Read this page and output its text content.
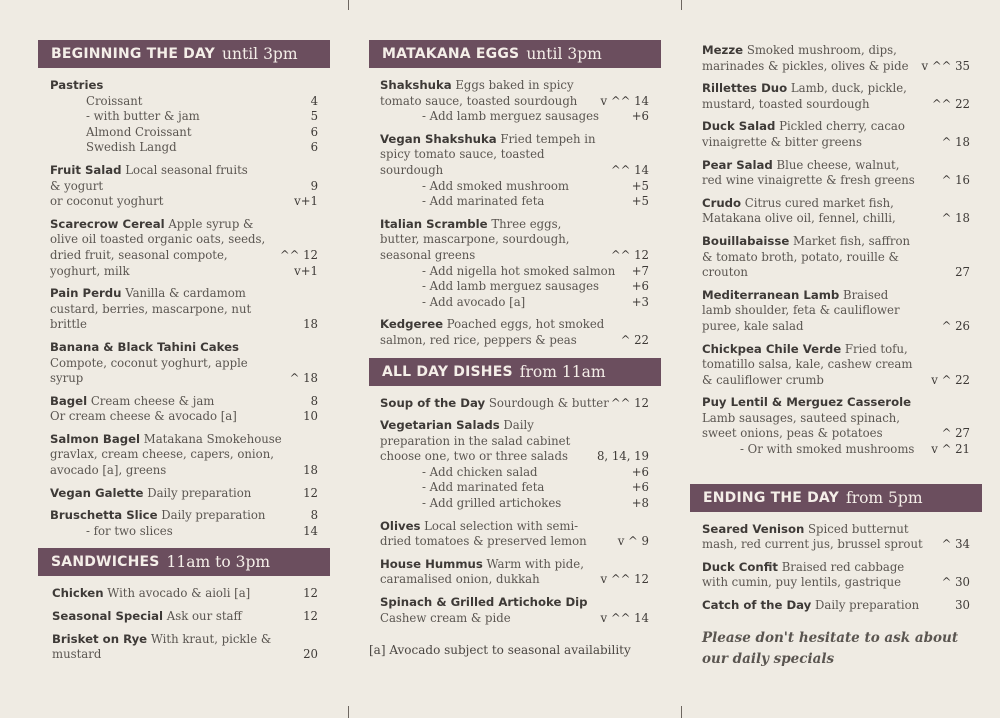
BEGINNING THE DAY until 3pm
Pastries
Croissant	4
- with butter & jam	5
Almond Croissant	6
Swedish Langd	6
Fruit Salad Local seasonal fruits
& yogurt	9
or coconut yoghurt	v+1
Scarecrow Cereal Apple syrup &
olive oil toasted organic oats, seeds,
dried fruit, seasonal compote,	^^ 12
yoghurt, milk	v+1
Pain Perdu Vanilla & cardamom
custard, berries, mascarpone, nut
brittle	18
Banana & Black Tahini Cakes
Compote, coconut yoghurt, apple
syrup	^ 18
Bagel Cream cheese & jam	8
Or cream cheese & avocado [a]	10
Salmon Bagel Matakana Smokehouse
gravlax, cream cheese, capers, onion,
avocado [a], greens	18
Vegan Galette Daily preparation	12
Bruschetta Slice Daily preparation	8
- for two slices	14
SANDWICHES 11am to 3pm
Chicken With avocado & aioli [a]	12
Seasonal Special Ask our staff	12
Brisket on Rye With kraut, pickle &
mustard	20
MATAKANA EGGS until 3pm
Shakshuka Eggs baked in spicy
tomato sauce, toasted sourdough v ^^ 14
- Add lamb merguez sausages	+6
Vegan Shakshuka Fried tempeh in
spicy tomato sauce, toasted
sourdough	^^ 14
- Add smoked mushroom	+5
- Add marinated feta	+5
Italian Scramble Three eggs,
butter, mascarpone, sourdough,
seasonal greens	^^ 12
- Add nigella hot smoked salmon +7
- Add lamb merguez sausages	+6
- Add avocado [a]	+3
Kedgeree Poached eggs, hot smoked
salmon, red rice, peppers & peas	^ 22
ALL DAY DISHES from 11am
Soup of the Day Sourdough & butter ^^ 12
Vegetarian Salads Daily
preparation in the salad cabinet
choose one, two or three salads 8, 14, 19
- Add chicken salad	+6
- Add marinated feta	+6
- Add grilled artichokes	+8
Olives Local selection with semi-
dried tomatoes & preserved lemon	v ^ 9
House Hummus Warm with pide,
caramalised onion, dukkah	v ^^ 12
Spinach & Grilled Artichoke Dip
Cashew cream & pide	v ^^ 14
[a] Avocado subject to seasonal availability
Mezze Smoked mushroom, dips,
marinades & pickles, olives & pide v ^^ 35
Rillettes Duo Lamb, duck, pickle,
mustard, toasted sourdough	^^ 22
Duck Salad Pickled cherry, cacao
vinaigrette & bitter greens	^ 18
Pear Salad Blue cheese, walnut,
red wine vinaigrette & fresh greens ^ 16
Crudo Citrus cured market fish,
Matakana olive oil, fennel, chilli,	^ 18
Bouillabaisse Market fish, saffron
& tomato broth, potato, rouille &
crouton	27
Mediterranean Lamb Braised
lamb shoulder, feta & cauliflower
puree, kale salad	^ 26
Chickpea Chile Verde Fried tofu,
tomatillo salsa, kale, cashew cream
& cauliflower crumb	v ^ 22
Puy Lentil & Merguez Casserole
Lamb sausages, sauteed spinach,
sweet onions, peas & potatoes	^ 27
- Or with smoked mushrooms v ^ 21
ENDING THE DAY from 5pm
Seared Venison Spiced butternut
mash, red current jus, brussel sprout ^ 34
Duck Confit Braised red cabbage
with cumin, puy lentils, gastrique	^ 30
Catch of the Day Daily preparation	30
Please don't hesitate to ask about
our daily specials
